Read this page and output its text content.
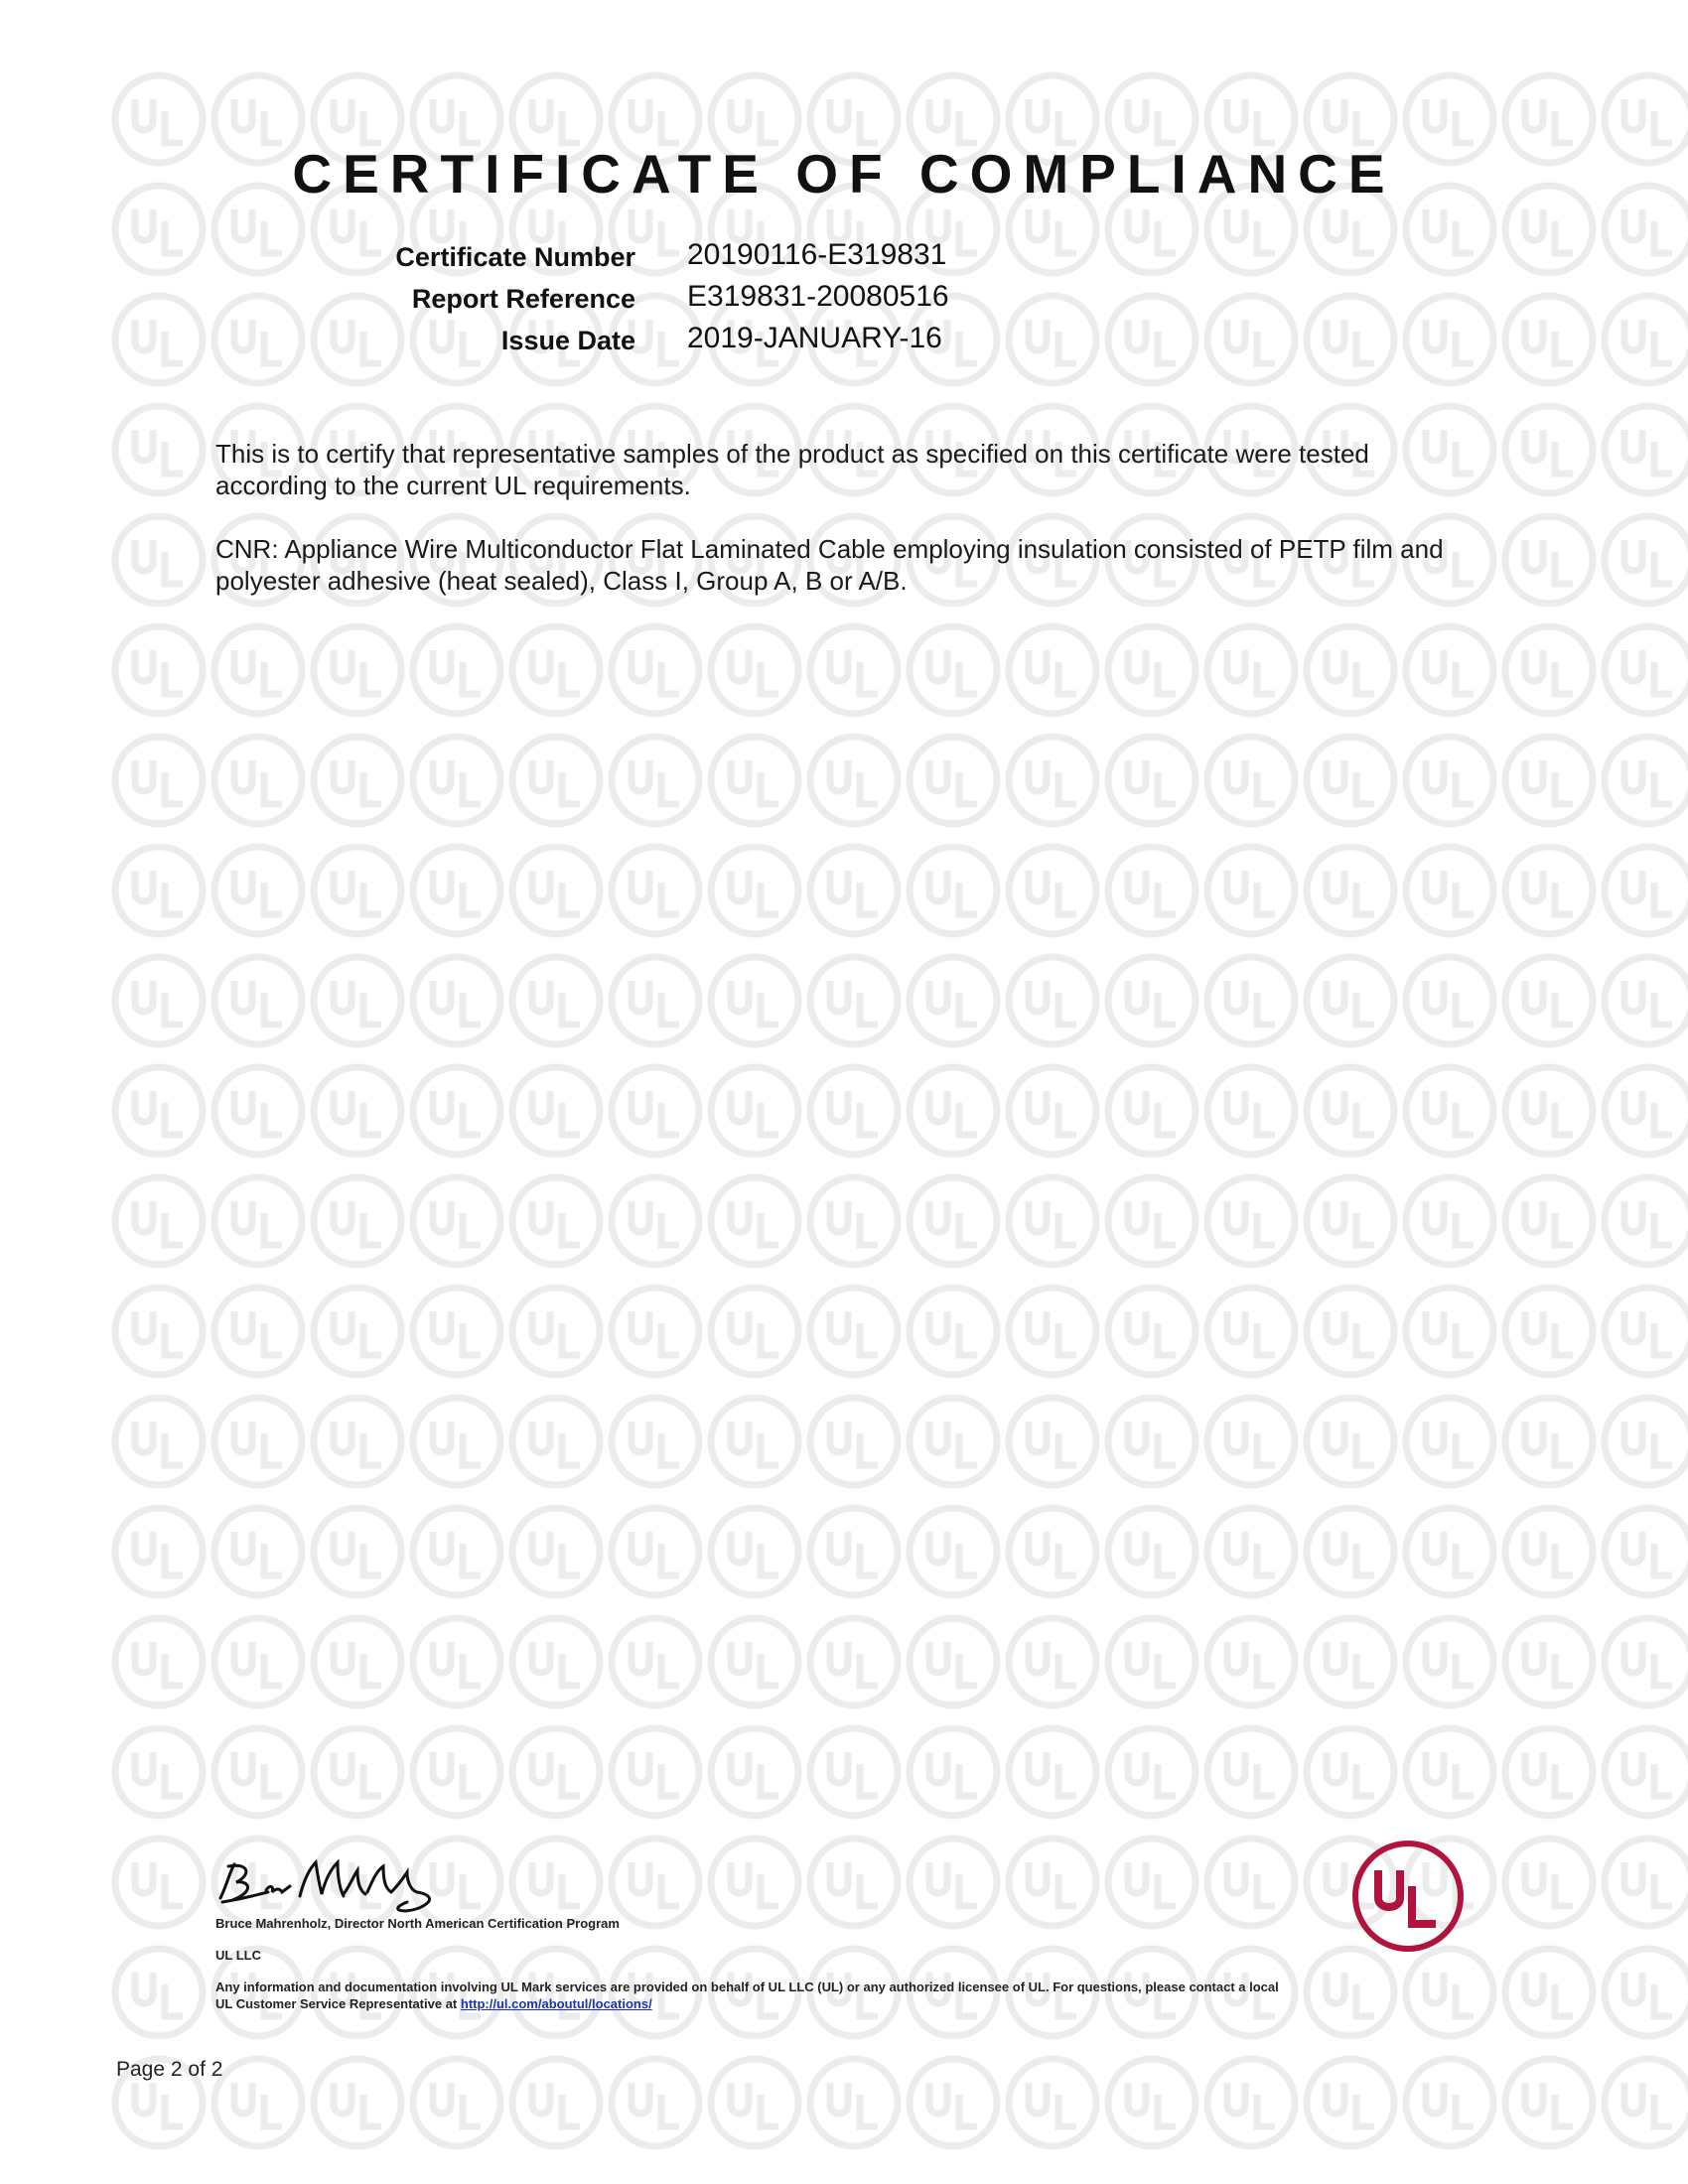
CERTIFICATE OF COMPLIANCE
Certificate Number 20190116-E319831
Report Reference E319831-20080516
Issue Date 2019-JANUARY-16
This is to certify that representative samples of the product as specified on this certificate were tested according to the current UL requirements.
CNR: Appliance Wire Multiconductor Flat Laminated Cable employing insulation consisted of PETP film and polyester adhesive (heat sealed), Class I, Group A, B or A/B.
Bruce Mahrenholz, Director North American Certification Program
UL LLC
Any information and documentation involving UL Mark services are provided on behalf of UL LLC (UL) or any authorized licensee of UL. For questions, please contact a local UL Customer Service Representative at http://ul.com/aboutul/locations/
Page 2 of 2
